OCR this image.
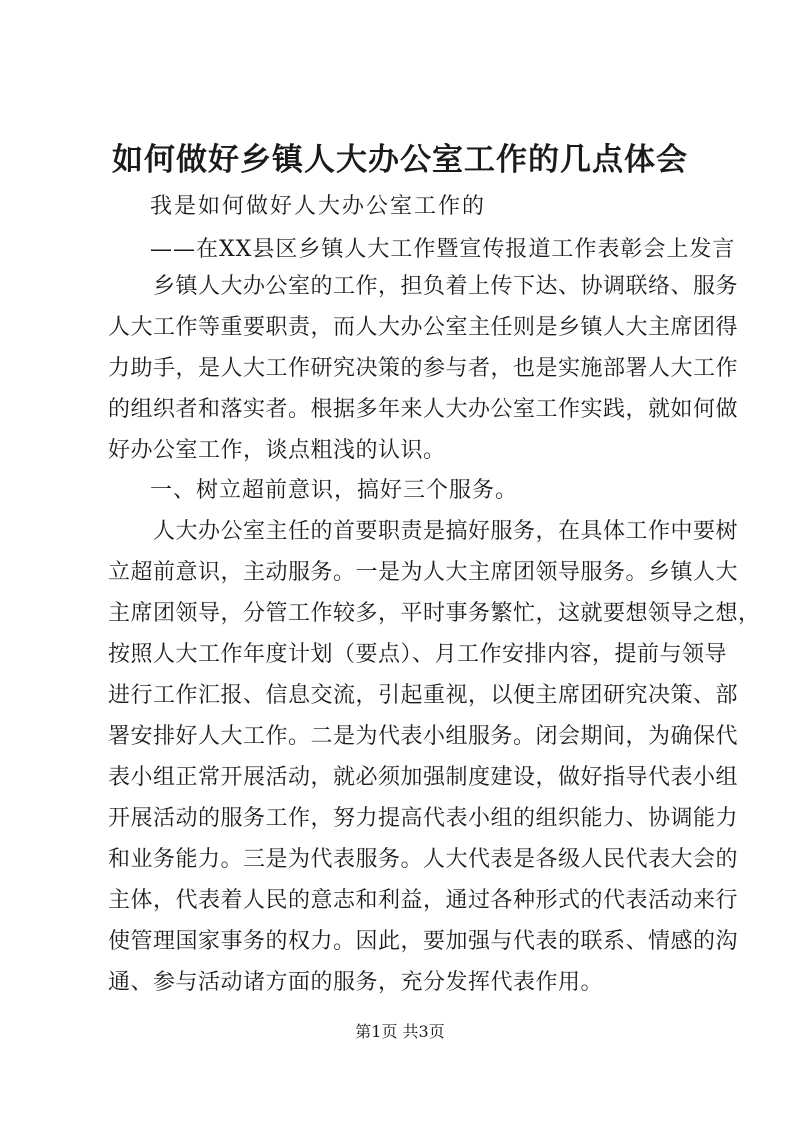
如何做好乡镇人大办公室工作的几点体会
我是如何做好人大办公室工作的
——在XX县区乡镇人大工作暨宣传报道工作表彰会上发言
　　乡镇人大办公室的工作，担负着上传下达、协调联络、服务
人大工作等重要职责，而人大办公室主任则是乡镇人大主席团得
力助手，是人大工作研究决策的参与者，也是实施部署人大工作
的组织者和落实者。根据多年来人大办公室工作实践，就如何做
好办公室工作，谈点粗浅的认识。
一、树立超前意识，搞好三个服务。
　　人大办公室主任的首要职责是搞好服务，在具体工作中要树
立超前意识，主动服务。一是为人大主席团领导服务。乡镇人大
主席团领导，分管工作较多，平时事务繁忙，这就要想领导之想，
按照人大工作年度计划（要点）、月工作安排内容，提前与领导
进行工作汇报、信息交流，引起重视，以便主席团研究决策、部
署安排好人大工作。二是为代表小组服务。闭会期间，为确保代
表小组正常开展活动，就必须加强制度建设，做好指导代表小组
开展活动的服务工作，努力提高代表小组的组织能力、协调能力
和业务能力。三是为代表服务。人大代表是各级人民代表大会的
主体，代表着人民的意志和利益，通过各种形式的代表活动来行
使管理国家事务的权力。因此，要加强与代表的联系、情感的沟
通、参与活动诸方面的服务，充分发挥代表作用。
第1页 共3页
